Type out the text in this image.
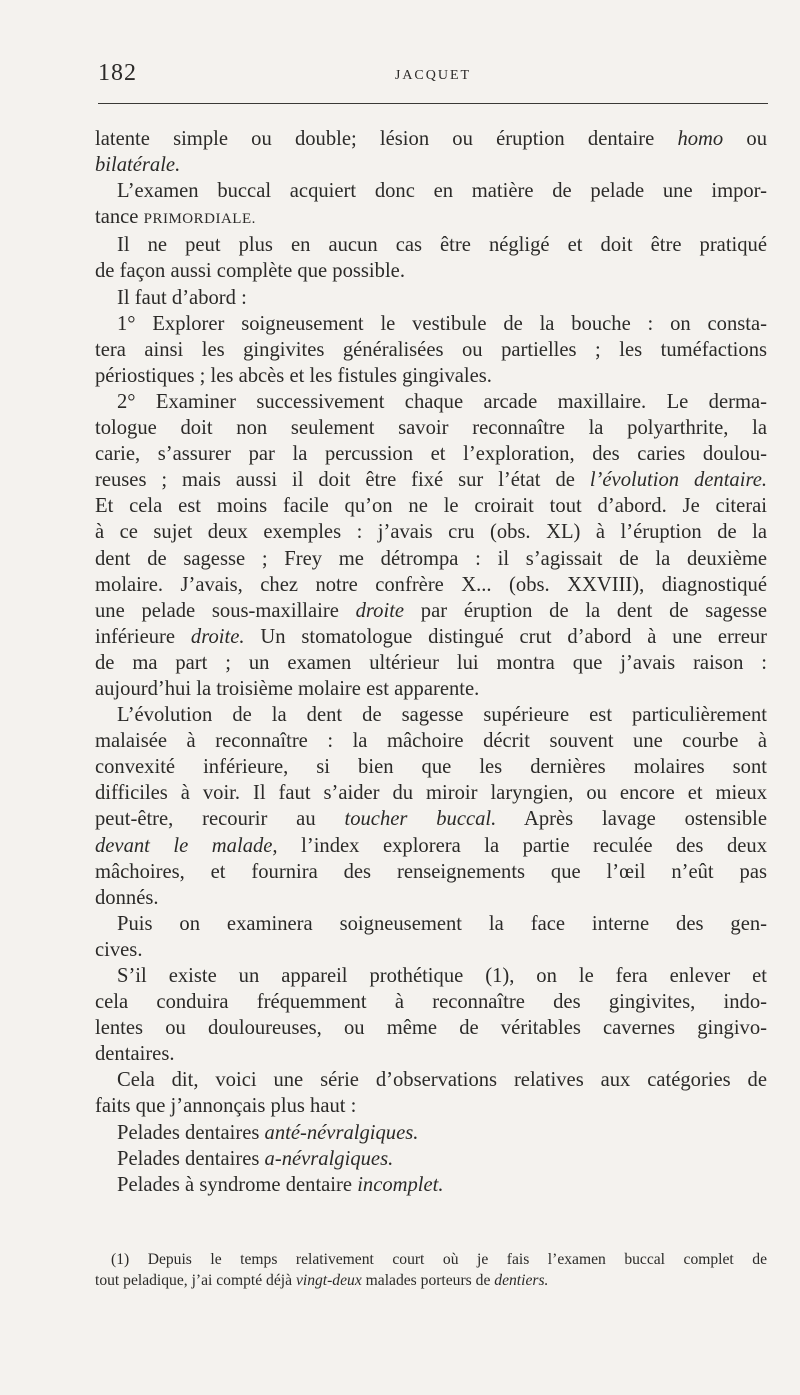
182	JACQUET
latente simple ou double; lésion ou éruption dentaire homo ou
bilatérale.
L’examen buccal acquiert donc en matière de pelade une impor-
tance PRIMORDIALE.
Il ne peut plus en aucun cas être négligé et doit être pratiqué
de façon aussi complète que possible.
Il faut d’abord :
1° Explorer soigneusement le vestibule de la bouche : on consta-
tera ainsi les gingivites généralisées ou partielles ; les tuméfactions
périostiques ; les abcès et les fistules gingivales.
2° Examiner successivement chaque arcade maxillaire. Le derma-
tologue doit non seulement savoir reconnaître la polyarthrite, la
carie, s’assurer par la percussion et l’exploration, des caries doulou-
reuses ; mais aussi il doit être fixé sur l’état de l’évolution dentaire.
Et cela est moins facile qu’on ne le croirait tout d’abord. Je citerai
à ce sujet deux exemples : j’avais cru (obs. XL) à l’éruption de la
dent de sagesse ; Frey me détrompa : il s’agissait de la deuxième
molaire. J’avais, chez notre confrère X... (obs. XXVIII), diagnostiqué
une pelade sous-maxillaire droite par éruption de la dent de sagesse
inférieure droite. Un stomatologue distingué crut d’abord à une erreur
de ma part ; un examen ultérieur lui montra que j’avais raison :
aujourd’hui la troisième molaire est apparente.
L’évolution de la dent de sagesse supérieure est particulièrement
malaisée à reconnaître : la mâchoire décrit souvent une courbe à
convexité inférieure, si bien que les dernières molaires sont
difficiles à voir. Il faut s’aider du miroir laryngien, ou encore et mieux
peut-être, recourir au toucher buccal. Après lavage ostensible
devant le malade, l’index explorera la partie reculée des deux
mâchoires, et fournira des renseignements que l’œil n’eût pas
donnés.
Puis on examinera soigneusement la face interne des gen-
cives.
S’il existe un appareil prothétique (1), on le fera enlever et
cela conduira fréquemment à reconnaître des gingivites, indo-
lentes ou douloureuses, ou même de véritables cavernes gingivo-
dentaires.
Cela dit, voici une série d’observations relatives aux catégories de
faits que j’annonçais plus haut :
Pelades dentaires anté-névralgiques.
Pelades dentaires a-névralgiques.
Pelades à syndrome dentaire incomplet.
(1) Depuis le temps relativement court où je fais l’examen buccal complet de
tout peladique, j’ai compté déjà vingt-deux malades porteurs de dentiers.
